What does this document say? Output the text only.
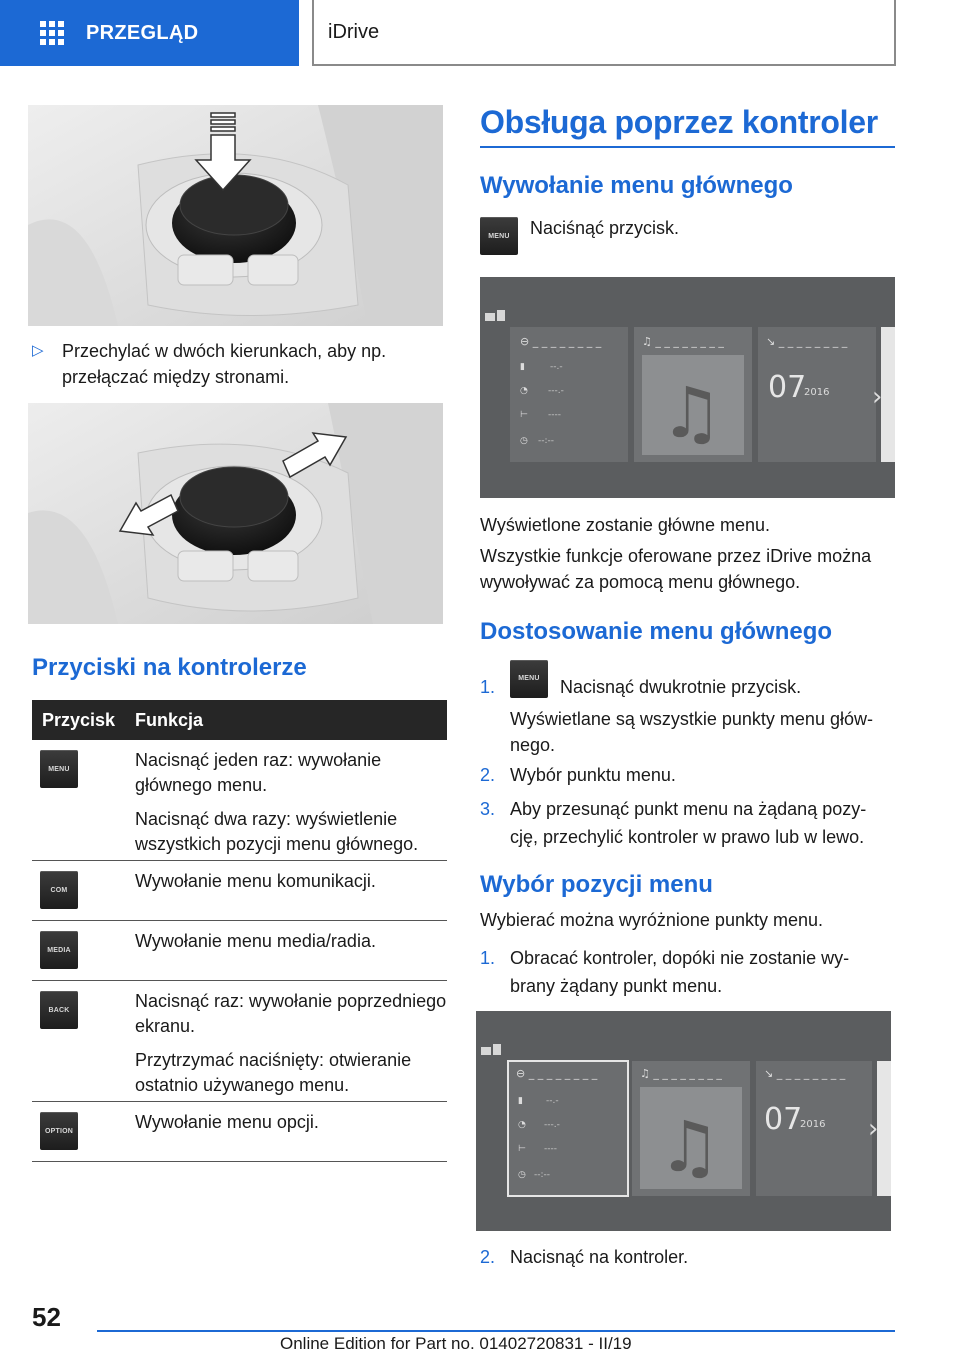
PRZEGLĄD	iDrive
▷	Przechylać w dwóch kierunkach, aby np.
przełączać między stronami.
Przyciski na kontrolerze
Przycisk	Funkcja
MENU	Nacisnąć jeden raz: wywołanie głównego menu.

Nacisnąć dwa razy: wyświetlenie wszystkich pozycji menu głównego.

COM	Wywołanie menu komunikacji.

MEDIA	Wywołanie menu media/radia.

BACK	Nacisnąć raz: wywołanie poprzedniego ekranu.

Przytrzymać naciśnięty: otwieranie ostatnio używanego menu.

OPTION	Wywołanie menu opcji.

Obsługa poprzez kontroler
Wywołanie menu głównego
MENU	Naciśnąć przycisk.
⊖ _ _ _ _ _ _ _ _
▮	--.-
◔ ---.-
⊢ ----
◷ --:--
♫ _ _ _ _ _ _ _ _
♫
↘ _ _ _ _ _ _ _ _
07
2016 ›
Wyświetlone zostanie główne menu.
Wszystkie funkcje oferowane przez iDrive można
wywoływać za pomocą menu głównego.
Dostosowanie menu głównego
1.	MENU	Nacisnąć dwukrotnie przycisk.
Wyświetlane są wszystkie punkty menu głów‐
nego.
2. Wybór punktu menu.
3. Aby przesunąć punkt menu na żądaną pozy‐
cję, przechylić kontroler w prawo lub w lewo.
Wybór pozycji menu
Wybierać można wyróżnione punkty menu.
1. Obracać kontroler, dopóki nie zostanie wy‐
brany żądany punkt menu.
⊖ _ _ _ _ _ _ _ _
▮	--.-
◔ ---.-
⊢ ----
◷ --:--
♫ _ _ _ _ _ _ _ _
♫
↘ _ _ _ _ _ _ _ _
07
2016 ›
2. Nacisnąć na kontroler.
52
Online Edition for Part no. 01402720831 - II/19
